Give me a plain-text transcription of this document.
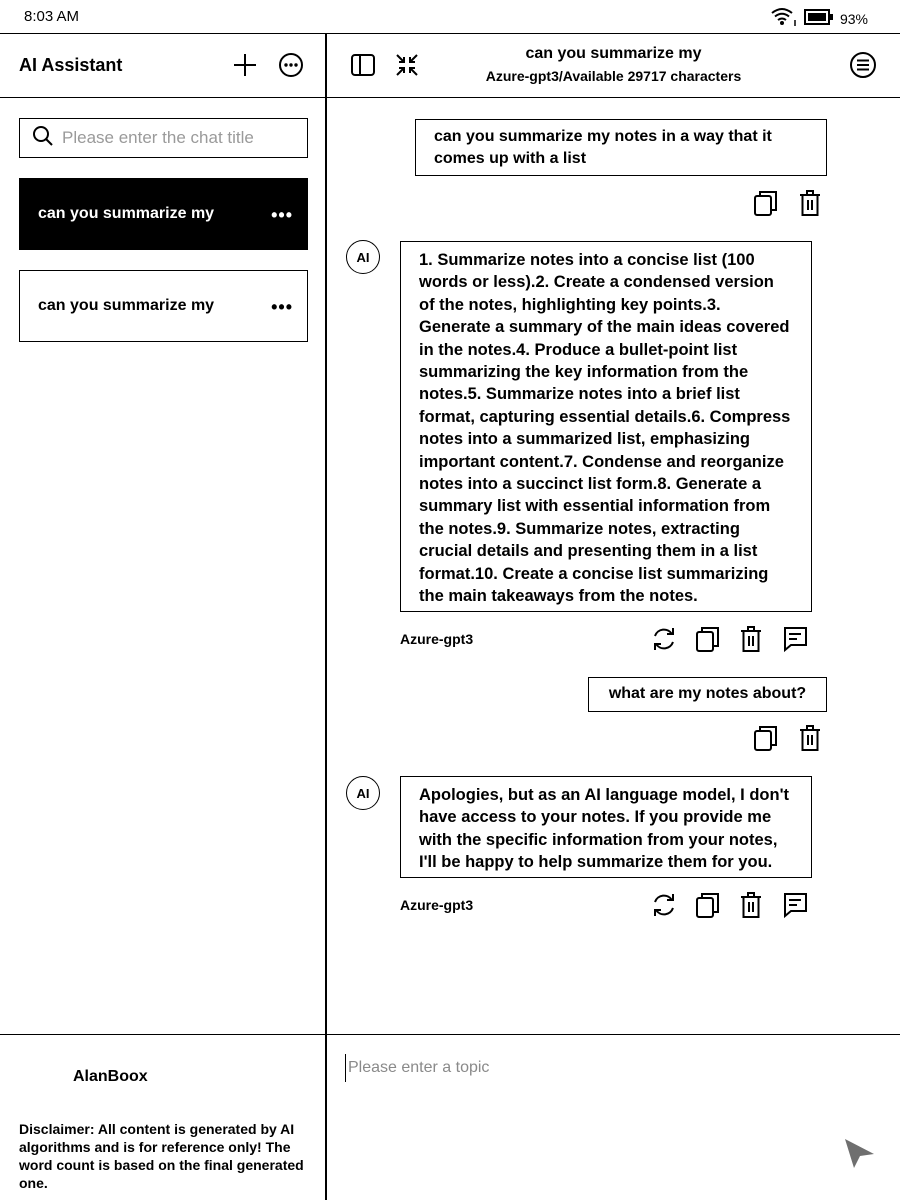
8:03 AM	93%
AI Assistant
Please enter the chat title
can you summarize my	•••
can you summarize my	•••
can you summarize my
Azure-gpt3/Available 29717 characters
can you summarize my notes in a way that it comes up with a list
AI	1. Summarize notes into a concise list (100 words or less).2. Create a condensed version of the notes, highlighting key points.3. Generate a summary of the main ideas covered in the notes.4. Produce a bullet-point list summarizing the key information from the notes.5. Summarize notes into a brief list format, capturing essential details.6. Compress notes into a summarized list, emphasizing important content.7. Condense and reorganize notes into a succinct list form.8. Generate a summary list with essential information from the notes.9. Summarize notes, extracting crucial details and presenting them in a list format.10. Create a concise list summarizing the main takeaways from the notes.
Azure-gpt3
what are my notes about?
AI	Apologies, but as an AI language model, I don't have access to your notes. If you provide me with the specific information from your notes, I'll be happy to help summarize them for you.
Azure-gpt3
AlanBoox
Disclaimer: All content is generated by AI algorithms and is for reference only! The word count is based on the final generated one.
Please enter a topic
